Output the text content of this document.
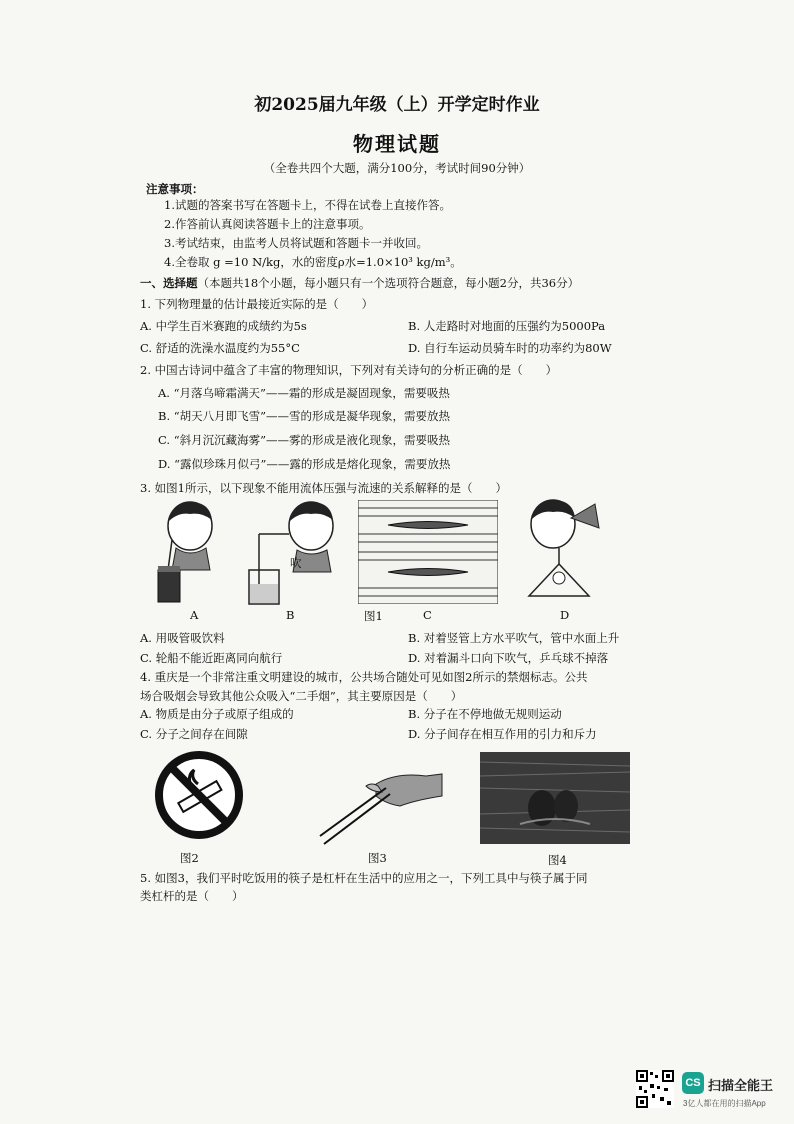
初2025届九年级（上）开学定时作业
物理试题
（全卷共四个大题，满分100分，考试时间90分钟）
注意事项：
1.试题的答案书写在答题卡上，不得在试卷上直接作答。
2.作答前认真阅读答题卡上的注意事项。
3.考试结束，由监考人员将试题和答题卡一并收回。
4.全卷取 g =10 N/kg，水的密度ρ水=1.0×10³ kg/m³。
一、选择题（本题共18个小题，每小题只有一个选项符合题意，每小题2分，共36分）
1. 下列物理量的估计最接近实际的是（　　）
A. 中学生百米赛跑的成绩约为5s	B. 人走路时对地面的压强约为5000Pa
C. 舒适的洗澡水温度约为55°C	D. 自行车运动员骑车时的功率约为80W
2. 中国古诗词中蕴含了丰富的物理知识，下列对有关诗句的分析正确的是（　　）
A. “月落乌啼霜满天”——霜的形成是凝固现象，需要吸热
B. “胡天八月即飞雪”——雪的形成是凝华现象，需要放热
C. “斜月沉沉藏海雾”——雾的形成是液化现象，需要吸热
D. “露似珍珠月似弓”——露的形成是熔化现象，需要放热
3. 如图1所示，以下现象不能用流体压强与流速的关系解释的是（　　）
A
吹
B	图1	C	D
A. 用吸管吸饮料	B. 对着竖管上方水平吹气，管中水面上升
C. 轮船不能近距离同向航行	D. 对着漏斗口向下吹气，乒乓球不掉落
4. 重庆是一个非常注重文明建设的城市，公共场合随处可见如图2所示的禁烟标志。公共
场合吸烟会导致其他公众吸入“二手烟”，其主要原因是（　　）
A. 物质是由分子或原子组成的	B. 分子在不停地做无规则运动
C. 分子之间存在间隙	D. 分子间存在相互作用的引力和斥力
图2	图3	图4
5. 如图3，我们平时吃饭用的筷子是杠杆在生活中的应用之一，下列工具中与筷子属于同
类杠杆的是（　　）
CS 扫描全能王
3亿人都在用的扫描App
